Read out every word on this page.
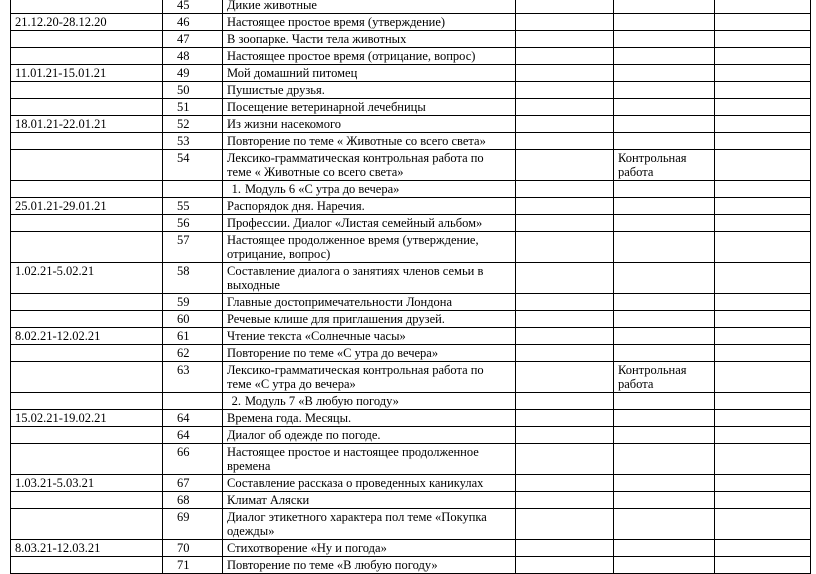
	45	Дикие животные			
21.12.20-28.12.20	46	Настоящее простое время (утверждение)			
	47	В зоопарке. Части тела животных			
	48	Настоящее простое время (отрицание, вопрос)			
11.01.21-15.01.21	49	Мой домашний питомец			
	50	Пушистые друзья.			
	51	Посещение ветеринарной лечебницы			
18.01.21-22.01.21	52	Из жизни насекомого			
	53	Повторение по теме « Животные со всего света»			
	54	Лексико-грамматическая контрольная работа по теме « Животные со всего света»		Контрольная работа	
		1. Модуль 6 «С утра до вечера»			
25.01.21-29.01.21	55	Распорядок дня. Наречия.			
	56	Профессии. Диалог «Листая семейный альбом»			
	57	Настоящее продолженное время (утверждение, отрицание, вопрос)			
1.02.21-5.02.21	58	Составление диалога о занятиях членов семьи в выходные			
	59	Главные достопримечательности Лондона			
	60	Речевые клише для приглашения друзей.			
8.02.21-12.02.21	61	Чтение текста «Солнечные часы»			
	62	Повторение по теме «С утра до вечера»			
	63	Лексико-грамматическая контрольная работа по теме «С утра до вечера»		Контрольная работа	
		2. Модуль 7 «В любую погоду»			
15.02.21-19.02.21	64	Времена года. Месяцы.			
	64	Диалог об одежде по погоде.			
	66	Настоящее простое и настоящее продолженное времена			
1.03.21-5.03.21	67	Составление рассказа о проведенных каникулах			
	68	Климат Аляски			
	69	Диалог этикетного характера пол теме «Покупка одежды»			
8.03.21-12.03.21	70	Стихотворение «Ну и погода»			
	71	Повторение по теме «В любую погоду»			
